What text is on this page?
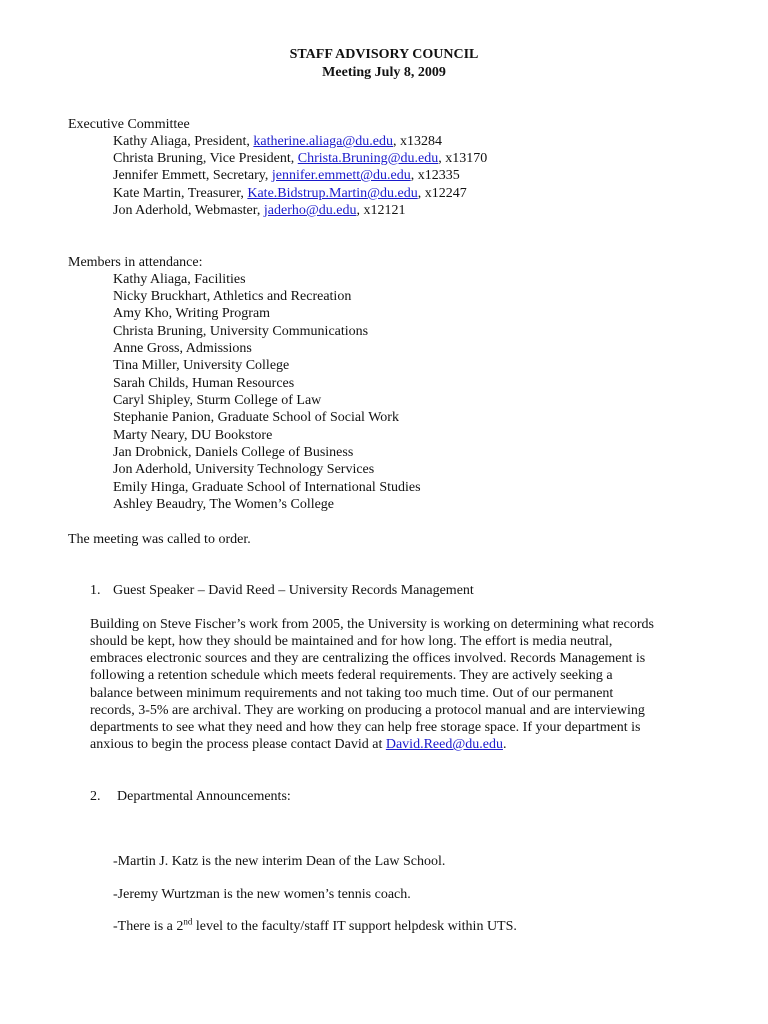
STAFF ADVISORY COUNCIL
Meeting July 8, 2009
Executive Committee
Kathy Aliaga, President, katherine.aliaga@du.edu, x13284
Christa Bruning, Vice President, Christa.Bruning@du.edu, x13170
Jennifer Emmett, Secretary, jennifer.emmett@du.edu, x12335
Kate Martin, Treasurer, Kate.Bidstrup.Martin@du.edu, x12247
Jon Aderhold, Webmaster, jaderho@du.edu, x12121
Members in attendance:
Kathy Aliaga, Facilities
Nicky Bruckhart, Athletics and Recreation
Amy Kho, Writing Program
Christa Bruning, University Communications
Anne Gross, Admissions
Tina Miller, University College
Sarah Childs, Human Resources
Caryl Shipley, Sturm College of Law
Stephanie Panion, Graduate School of Social Work
Marty Neary, DU Bookstore
Jan Drobnick, Daniels College of Business
Jon Aderhold, University Technology Services
Emily Hinga, Graduate School of International Studies
Ashley Beaudry, The Women’s College
The meeting was called to order.
1. Guest Speaker – David Reed – University Records Management
Building on Steve Fischer’s work from 2005, the University is working on determining what records
should be kept, how they should be maintained and for how long. The effort is media neutral,
embraces electronic sources and they are centralizing the offices involved. Records Management is
following a retention schedule which meets federal requirements. They are actively seeking a
balance between minimum requirements and not taking too much time. Out of our permanent
records, 3-5% are archival. They are working on producing a protocol manual and are interviewing
departments to see what they need and how they can help free storage space. If your department is
anxious to begin the process please contact David at David.Reed@du.edu.
2. Departmental Announcements:
-Martin J. Katz is the new interim Dean of the Law School.
-Jeremy Wurtzman is the new women’s tennis coach.
-There is a 2nd level to the faculty/staff IT support helpdesk within UTS.
